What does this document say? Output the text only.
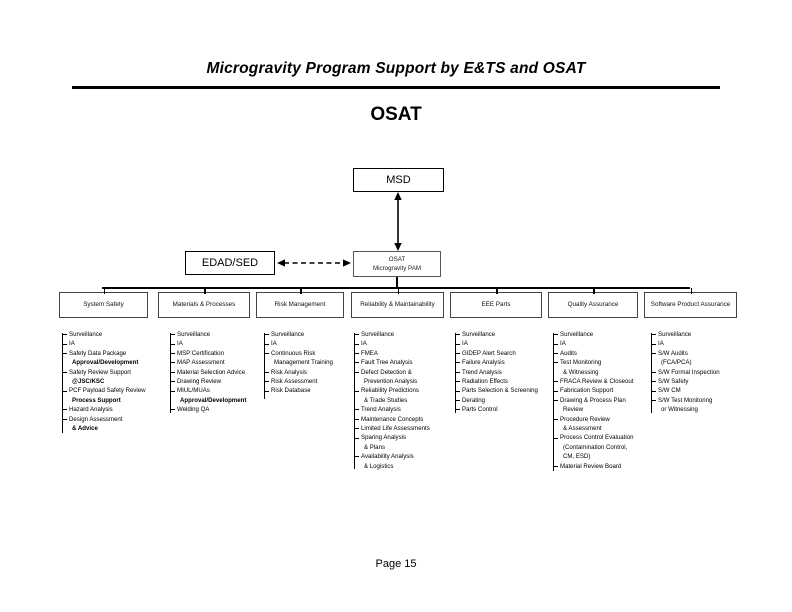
Microgravity Program Support by E&TS and OSAT
OSAT
MSD
EDAD/SED	OSAT
Microgravity PAM
System Safety
Surveillance
IA
Safety Data Package
Approval/Development
Safety Review Support
@JSC/KSC
PCF Payload Safety Review
Process Support
Hazard Analysis
Design Assessment
& Advice
Materials & Processes
Surveillance
IA
MSP Certification
MAP Assessment
Material Selection Advice
Drawing Review
MIUL/MUAs
Approval/Development
Welding QA
Risk Management
Surveillance
IA
Continuous Risk
Management Training
Risk Analysis
Risk Assessment
Risk Database
Reliability & Maintainability
Surveillance
IA
FMEA
Fault Tree Analysis
Defect Detection &
Prevention Analysis
Reliability Predictions
& Trade Studies
Trend Analysis
Maintenance Concepts
Limited Life Assessments
Sparing Analysis
& Plans
Availability Analysis
& Logistics
EEE Parts
Surveillance
IA
GIDEP Alert Search
Failure Analysis
Trend Analysis
Radiation Effects
Parts Selection & Screening
Derating
Parts Control
Quality Assurance
Surveillance
IA
Audits
Test Monitoring
& Witnessing
FRACA Review & Closeout
Fabrication Support
Drawing & Process Plan
Review
Procedure Review
& Assessment
Process Control Evaluation
(Contamination Control,
CM, ESD)
Material Review Board
Software Product Assurance
Surveillance
IA
S/W Audits
(FCA/PCA)
S/W Formal Inspection
S/W Safety
S/W CM
S/W Test Monitoring
or Witnessing
Page 15
